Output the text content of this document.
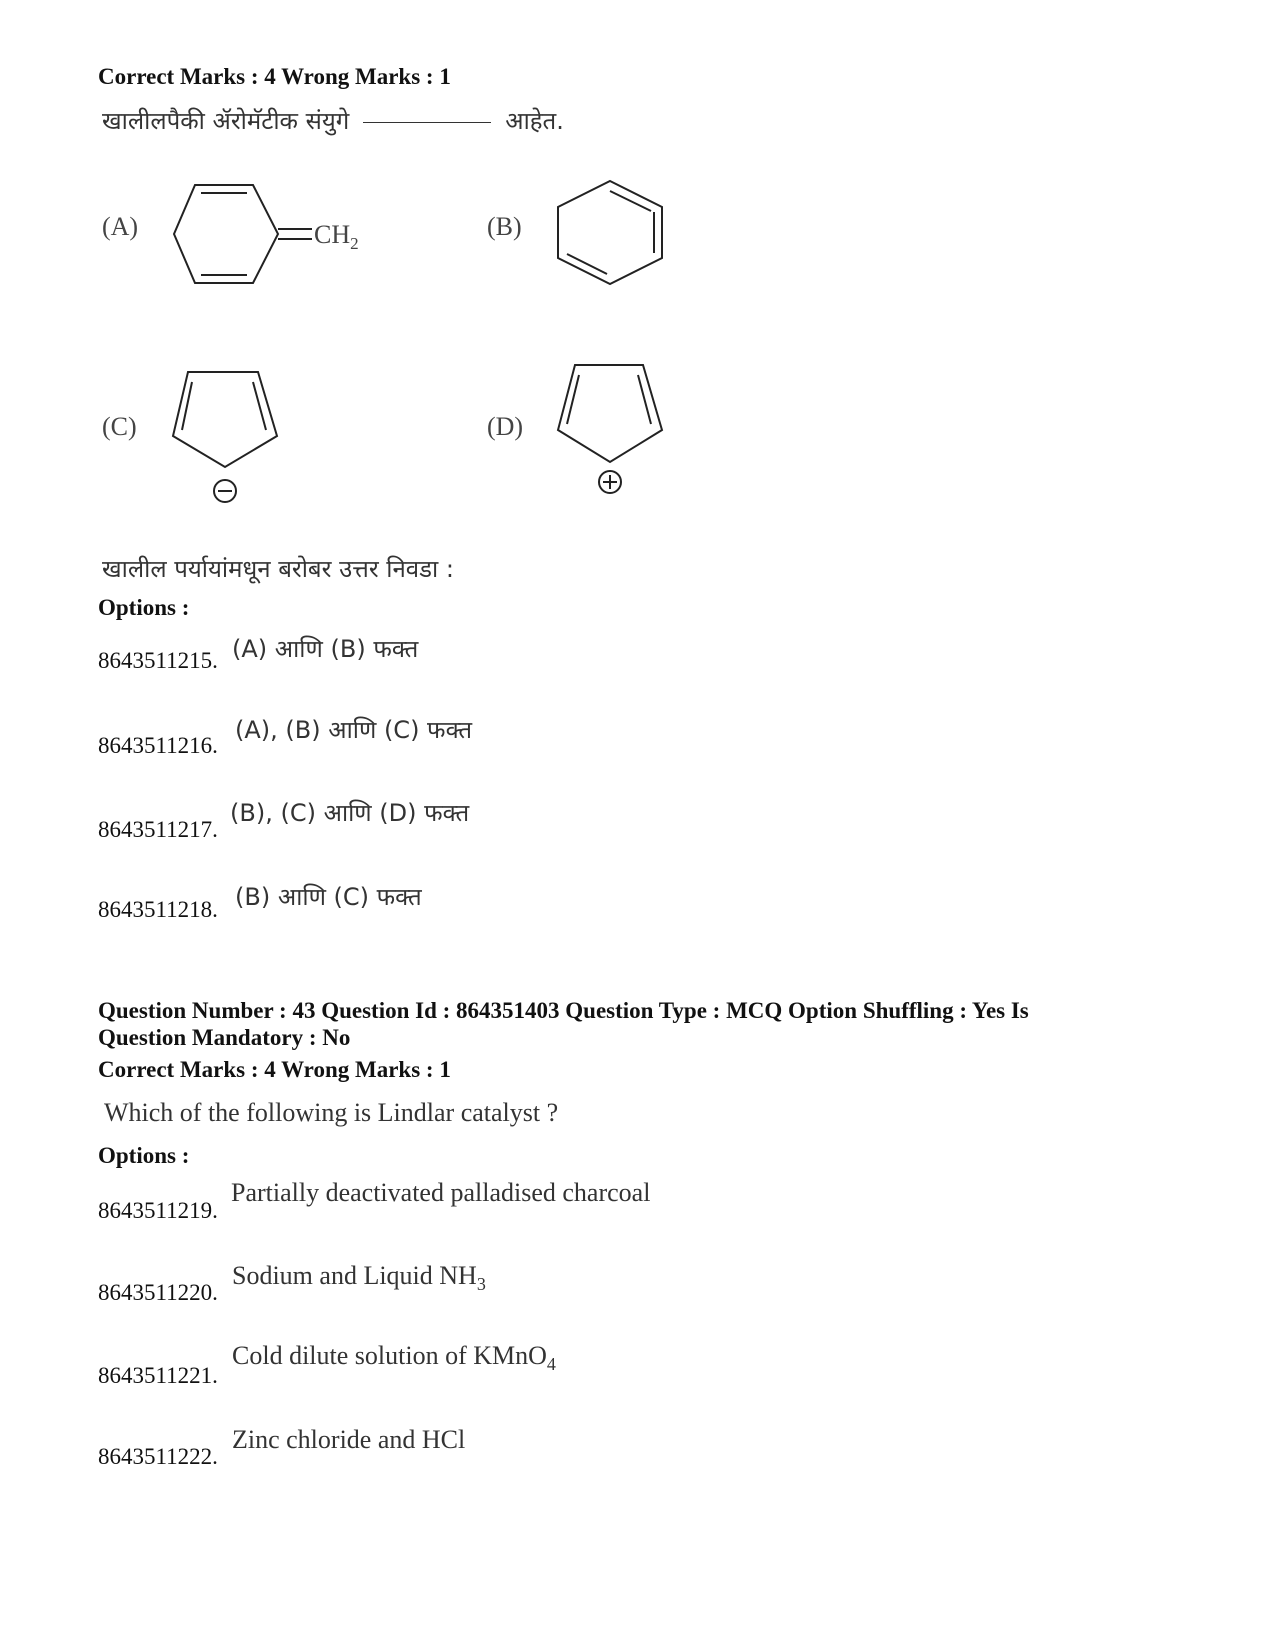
Correct Marks : 4 Wrong Marks : 1
खालीलपैकी ॲरोमॅटीक संयुगे	आहेत.
(A)	$CH_2$
(B)
(C)	(D)
खालील पर्यायांमधून बरोबर उत्तर निवडा :
Options :
8643511215. (A) आणि (B) फक्त
8643511216.
(A), (B) आणि (C) फक्त
8643511217.
(B), (C) आणि (D) फक्त
8643511218. (B) आणि (C) फक्त
Question Number : 43 Question Id : 864351403 Question Type : MCQ Option Shuffling : Yes Is
Question Mandatory : No
Correct Marks : 4 Wrong Marks : 1
Which of the following is Lindlar catalyst ?
Options :
8643511219.
Partially deactivated palladised charcoal
8643511220.
Sodium and Liquid $NH_3$
8643511221.
Cold dilute solution of KMnO$_4$
8643511222.
Zinc chloride and HCl
